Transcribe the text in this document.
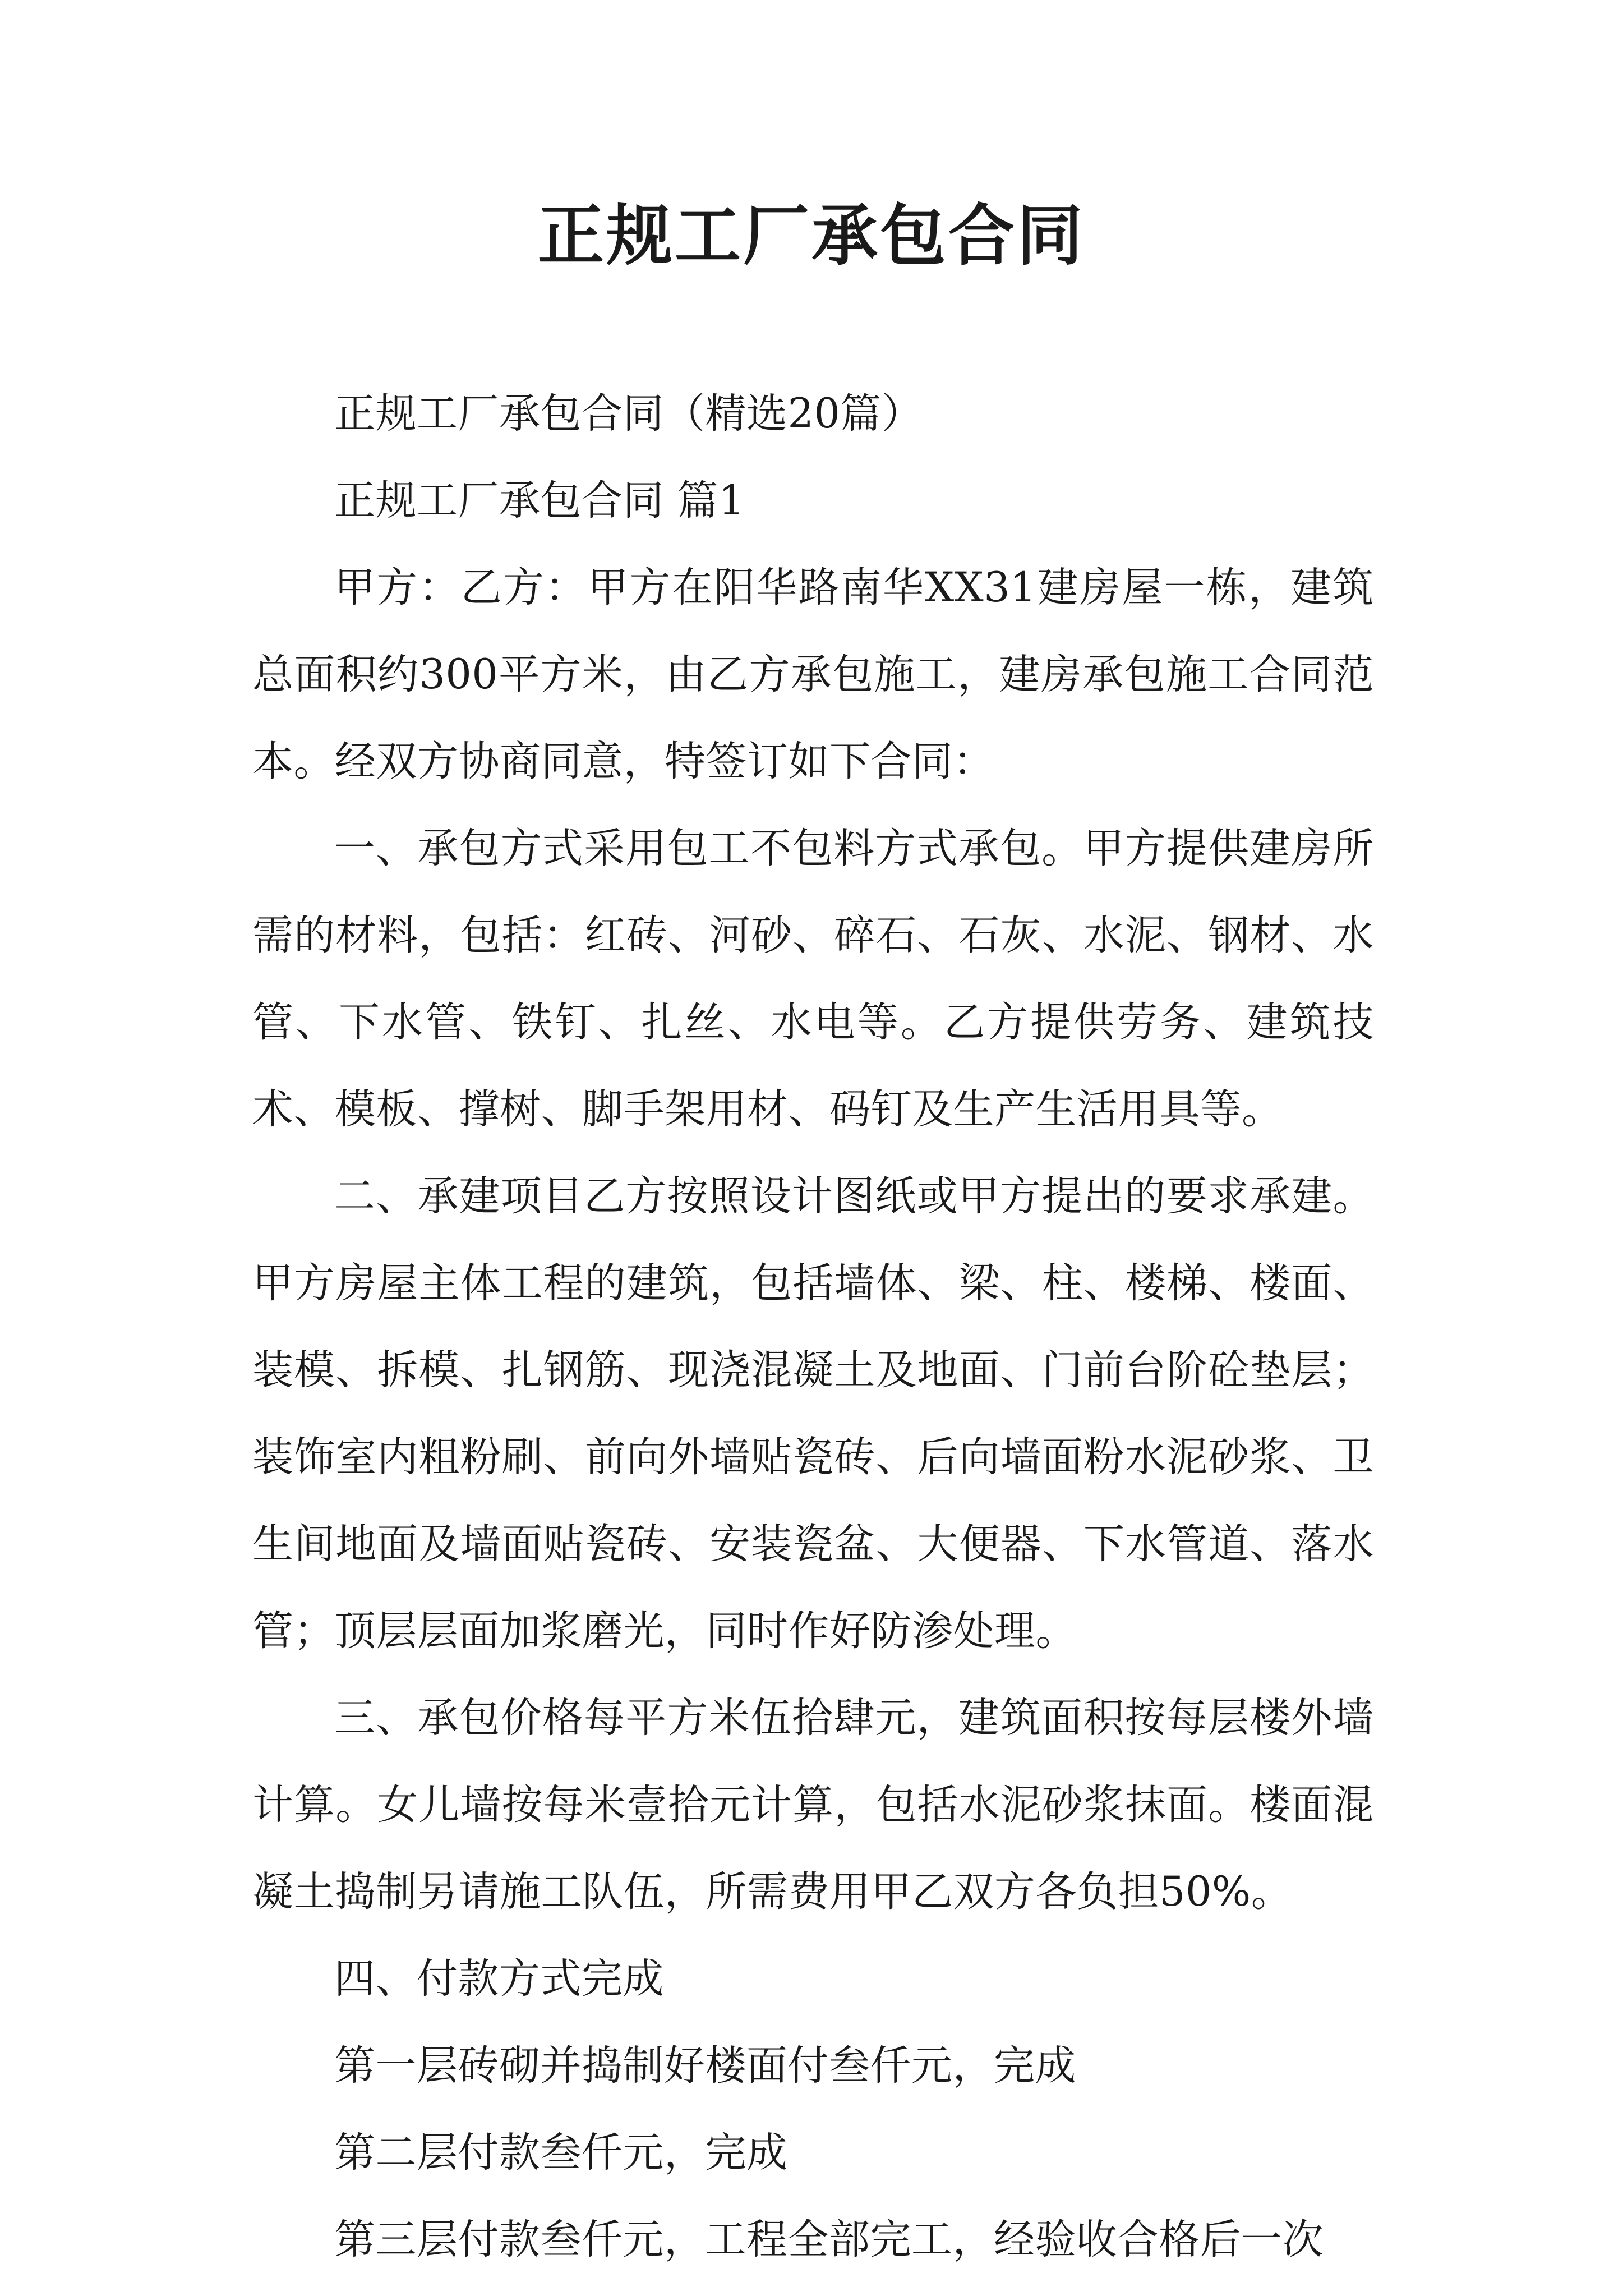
正规工厂承包合同

正规工厂承包合同（精选20篇）

正规工厂承包合同 篇1

甲方：乙方：甲方在阳华路南华XX31建房屋一栋，建筑总面积约300平方米，由乙方承包施工，建房承包施工合同范本。经双方协商同意，特签订如下合同：

一、承包方式采用包工不包料方式承包。甲方提供建房所需的材料，包括：红砖、河砂、碎石、石灰、水泥、钢材、水管、下水管、铁钉、扎丝、水电等。乙方提供劳务、建筑技术、模板、撑树、脚手架用材、码钉及生产生活用具等。

二、承建项目乙方按照设计图纸或甲方提出的要求承建。甲方房屋主体工程的建筑，包括墙体、梁、柱、楼梯、楼面、装模、拆模、扎钢筋、现浇混凝土及地面、门前台阶砼垫层；装饰室内粗粉刷、前向外墙贴瓷砖、后向墙面粉水泥砂浆、卫生间地面及墙面贴瓷砖、安装瓷盆、大便器、下水管道、落水管；顶层层面加浆磨光，同时作好防渗处理。

三、承包价格每平方米伍拾肆元，建筑面积按每层楼外墙计算。女儿墙按每米壹拾元计算，包括水泥砂浆抹面。楼面混凝土捣制另请施工队伍，所需费用甲乙双方各负担50%。

四、付款方式完成

第一层砖砌并捣制好楼面付叁仟元，完成

第二层付款叁仟元，完成

第三层付款叁仟元，工程全部完工，经验收合格后一次
